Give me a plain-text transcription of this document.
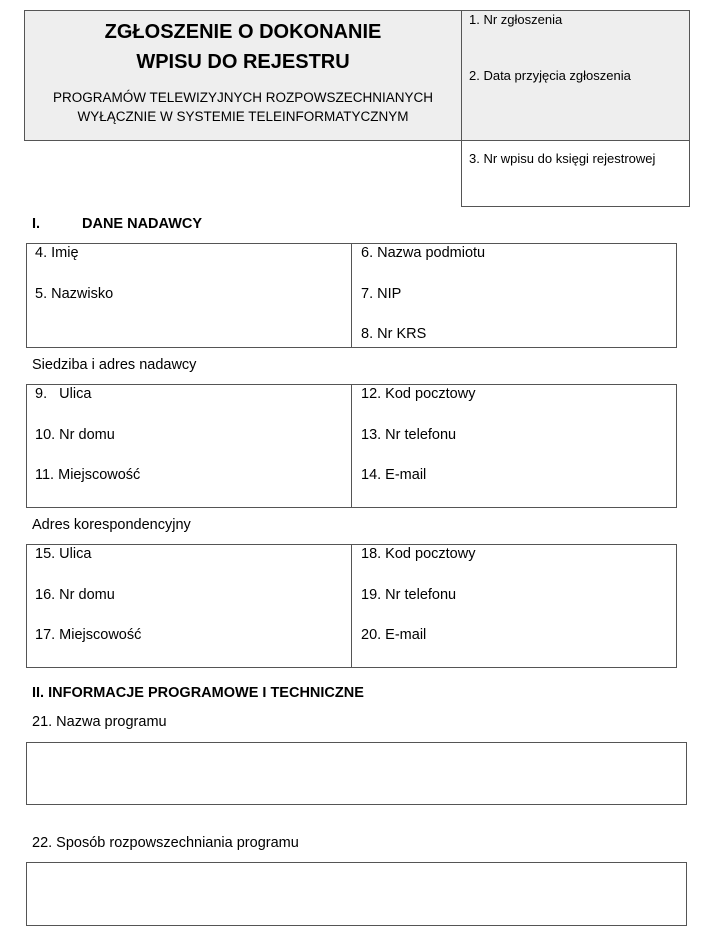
ZGŁOSZENIE O DOKONANIE
WPISU DO REJESTRU
PROGRAMÓW TELEWIZYJNYCH ROZPOWSZECHNIANYCH
WYŁĄCZNIE W SYSTEMIE TELEINFORMATYCZNYM
1. Nr zgłoszenia
2. Data przyjęcia zgłoszenia
3. Nr wpisu do księgi rejestrowej
I.	DANE NADAWCY
4. Imię
5. Nazwisko
6. Nazwa podmiotu
7. NIP
8. Nr KRS
Siedziba i adres nadawcy
9.   Ulica
10. Nr domu
11. Miejscowość
12. Kod pocztowy
13. Nr telefonu
14. E-mail
Adres korespondencyjny
15. Ulica
16. Nr domu
17. Miejscowość
18. Kod pocztowy
19. Nr telefonu
20. E-mail
II. INFORMACJE PROGRAMOWE I TECHNICZNE
21. Nazwa programu
22. Sposób rozpowszechniania programu
